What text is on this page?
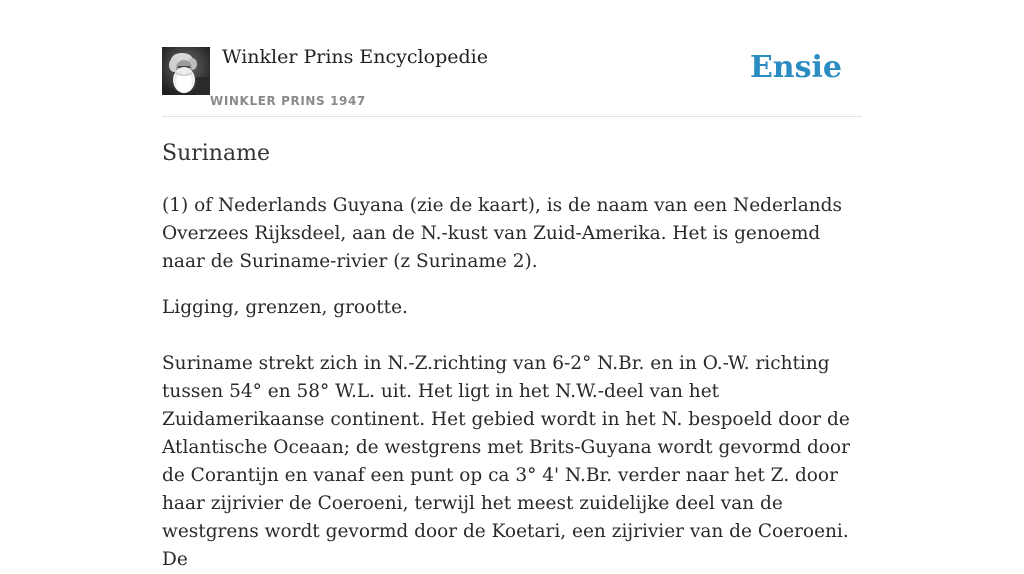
Winkler Prins Encyclopedie
WINKLER PRINS 1947
Ensie
Suriname

(1) of Nederlands Guyana (zie de kaart), is de naam van een Nederlands Overzees Rijksdeel, aan de N.-kust van Zuid-Amerika. Het is genoemd naar de Suriname-rivier (z Suriname 2).

Ligging, grenzen, grootte.

Suriname strekt zich in N.-Z.richting van 6-2° N.Br. en in O.-W. richting tussen 54° en 58° W.L. uit. Het ligt in het N.W.-deel van het Zuidamerikaanse continent. Het gebied wordt in het N. bespoeld door de Atlantische Oceaan; de westgrens met Brits-Guyana wordt gevormd door de Corantijn en vanaf een punt op ca 3° 4' N.Br. verder naar het Z. door haar zijrivier de Coeroeni, terwijl het meest zuidelijke deel van de westgrens wordt gevormd door de Koetari, een zijrivier van de Coeroeni. De
